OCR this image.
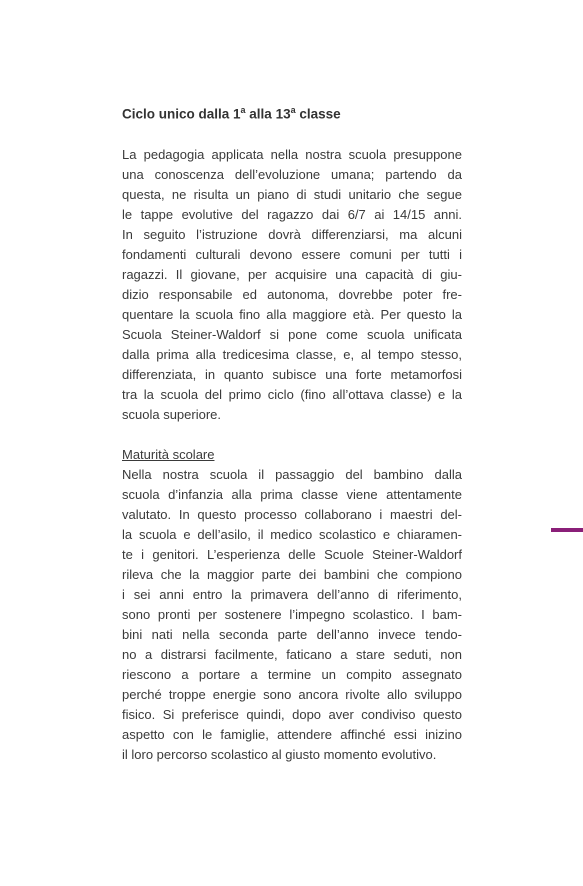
Ciclo unico dalla 1$^a$ alla 13$^a$ classe
La pedagogia applicata nella nostra scuola presuppone
una conoscenza dell’evoluzione umana; partendo da
questa, ne risulta un piano di studi unitario che segue
le tappe evolutive del ragazzo dai 6/7 ai 14/15 anni.
In seguito l’istruzione dovrà differenziarsi, ma alcuni
fondamenti culturali devono essere comuni per tutti i
ragazzi. Il giovane, per acquisire una capacità di giu-
dizio responsabile ed autonoma, dovrebbe poter fre-
quentare la scuola fino alla maggiore età. Per questo la
Scuola Steiner-Waldorf si pone come scuola unificata
dalla prima alla tredicesima classe, e, al tempo stesso,
differenziata, in quanto subisce una forte metamorfosi
tra la scuola del primo ciclo (fino all’ottava classe) e la
scuola superiore.
Maturità scolare
Nella nostra scuola il passaggio del bambino dalla
scuola d’infanzia alla prima classe viene attentamente
valutato. In questo processo collaborano i maestri del-
la scuola e dell’asilo, il medico scolastico e chiaramen-
te i genitori. L’esperienza delle Scuole Steiner-Waldorf
rileva che la maggior parte dei bambini che compiono
i sei anni entro la primavera dell’anno di riferimento,
sono pronti per sostenere l’impegno scolastico. I bam-
bini nati nella seconda parte dell’anno invece tendo-
no a distrarsi facilmente, faticano a stare seduti, non
riescono a portare a termine un compito assegnato
perché troppe energie sono ancora rivolte allo sviluppo
fisico. Si preferisce quindi, dopo aver condiviso questo
aspetto con le famiglie, attendere affinché essi inizino
il loro percorso scolastico al giusto momento evolutivo.
